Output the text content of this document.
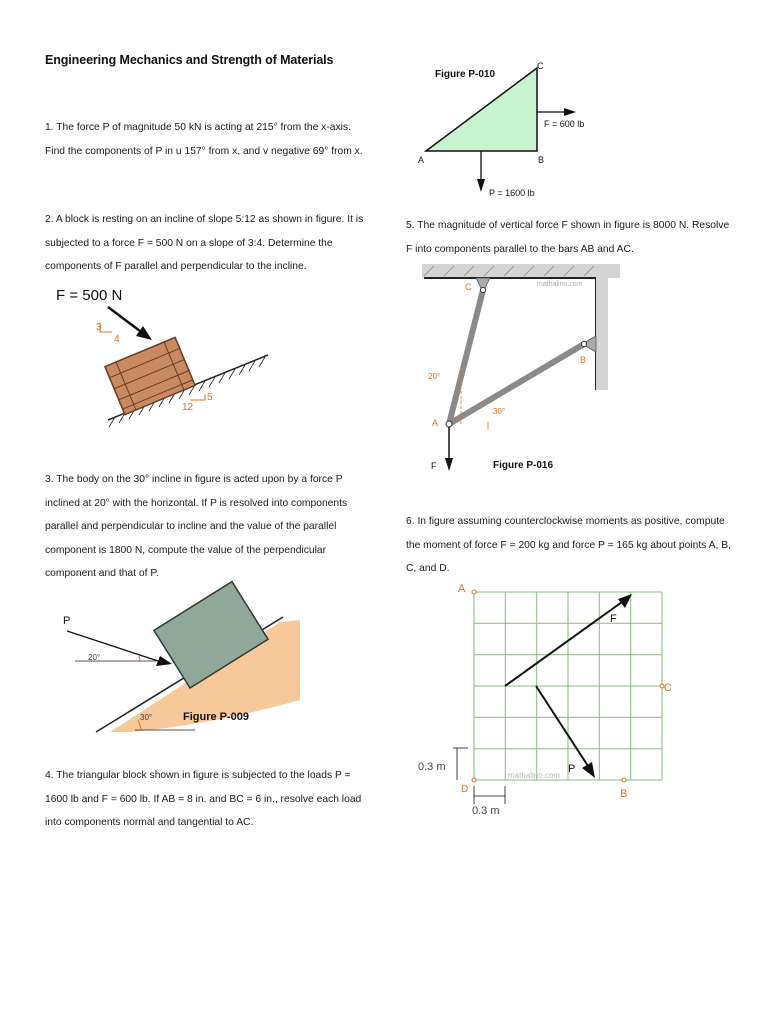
Engineering Mechanics and Strength of Materials

1. The force P of magnitude 50 kN is acting at 215° from the x-axis. Find the components of P in u 157° from x, and v negative 69° from x.

2. A block is resting on an incline of slope 5:12 as shown in figure. It is subjected to a force F = 500 N on a slope of 3:4. Determine the components of F parallel and perpendicular to the incline.

3. The body on the 30° incline in figure is acted upon by a force P inclined at 20° with the horizontal. If P is resolved into components parallel and perpendicular to incline and the value of the parallel component is 1800 N, compute the value of the perpendicular component and that of P.

4. The triangular block shown in figure is subjected to the loads P = 1600 lb and F = 600 lb. If AB = 8 in. and BC = 6 in., resolve each load into components normal and tangential to AC.

5. The magnitude of vertical force F shown in figure is 8000 N. Resolve F into components parallel to the bars AB and AC.

6. In figure assuming counterclockwise moments as positive, compute the moment of force F = 200 kg and force P = 165 kg about points A, B, C, and D.

F = 500 N
3
4
5
12
P
20°
30°	Figure P-009
Figure P-010
C
A	B
F = 600 lb
P = 1600 lb
C
B
A
20°
30°
F	Figure P-016
mathalino.com
A
C
D	B
F
P
0.3 m
0.3 m
mathalino.com
